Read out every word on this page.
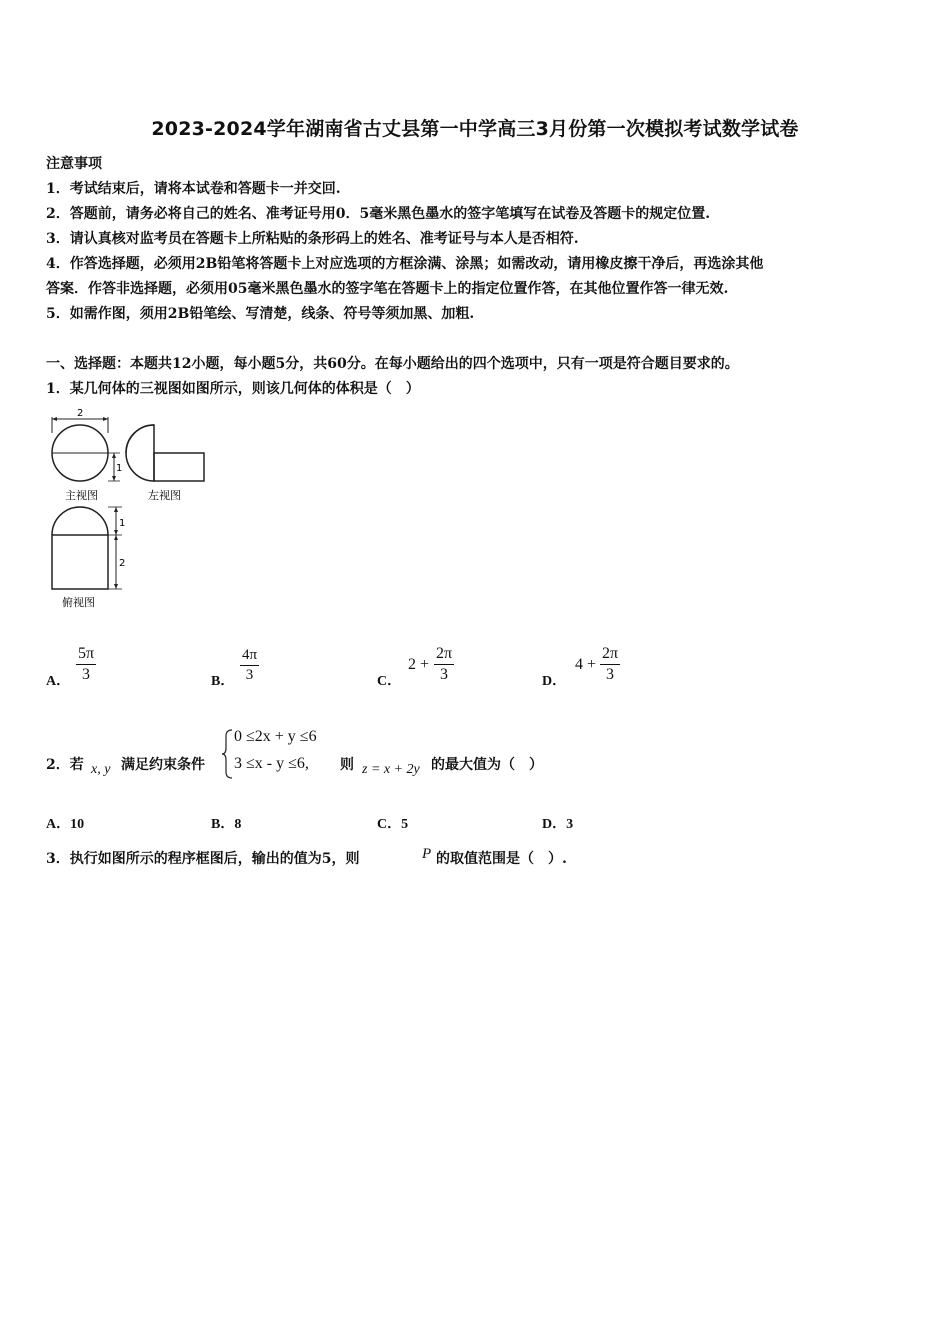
2023-2024学年湖南省古丈县第一中学高三3月份第一次模拟考试数学试卷
注意事项
1．考试结束后，请将本试卷和答题卡一并交回.
2．答题前，请务必将自己的姓名、准考证号用0．5毫米黑色墨水的签字笔填写在试卷及答题卡的规定位置.
3．请认真核对监考员在答题卡上所粘贴的条形码上的姓名、准考证号与本人是否相符.
4．作答选择题，必须用2B铅笔将答题卡上对应选项的方框涂满、涂黑；如需改动，请用橡皮擦干净后，再选涂其他
答案．作答非选择题，必须用05毫米黑色墨水的签字笔在答题卡上的指定位置作答，在其他位置作答一律无效.
5．如需作图，须用2B铅笔绘、写清楚，线条、符号等须加黑、加粗.
一、选择题：本题共12小题，每小题5分，共60分。在每小题给出的四个选项中，只有一项是符合题目要求的。
1．某几何体的三视图如图所示，则该几何体的体积是（　）
2
1
主视图	左视图
1
2
俯视图
A．
5π
3	B．
4π
3	C．
2 +
2π
3	D．
4 +
2π
3
2．若 x, y 满足约束条件
0 ≤2x + y ≤6
3 ≤x - y ≤6, 则 z = x + 2y 的最大值为（　）
A．10	B．8	C．5	D．3
3．执行如图所示的程序框图后，输出的值为5，则	P 的取值范围是（　）.
